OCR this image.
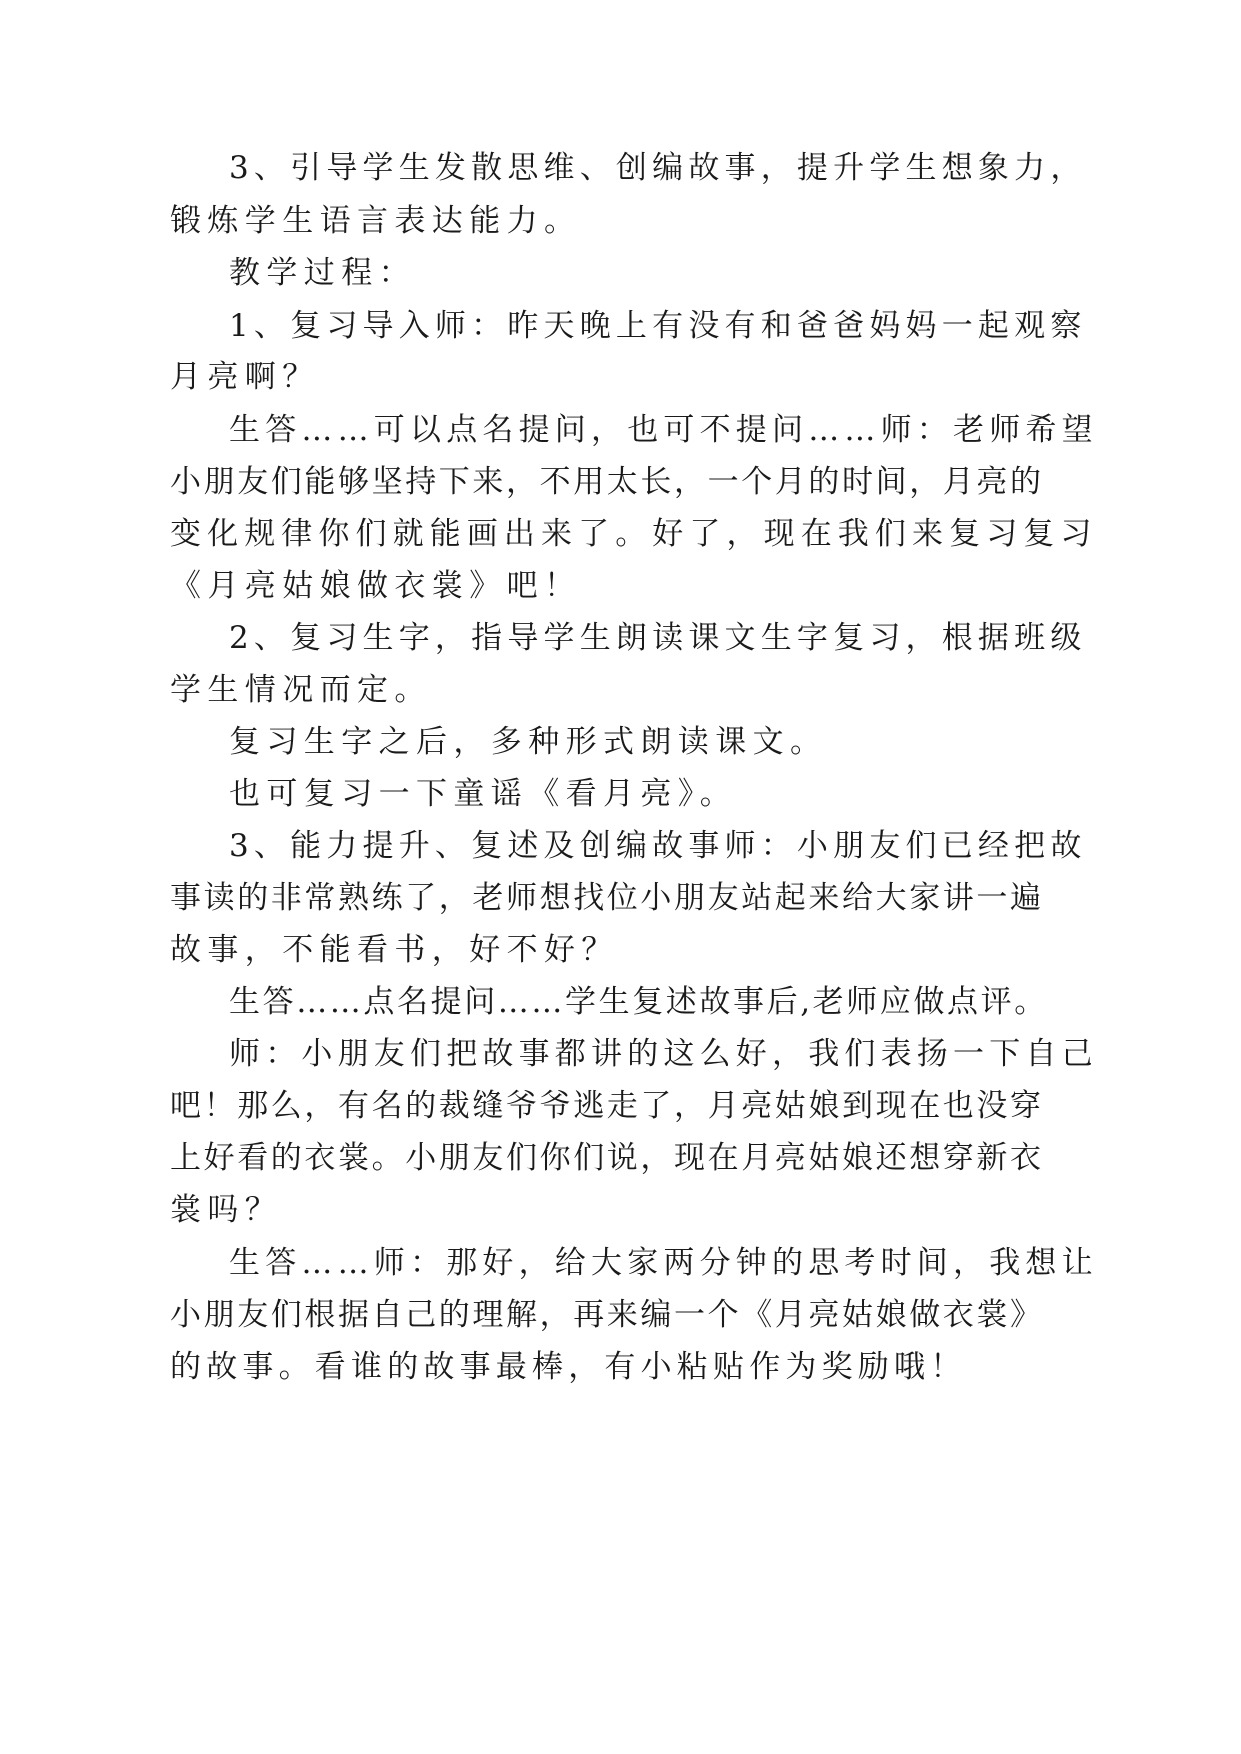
3、引导学生发散思维、创编故事，提升学生想象力，
锻炼学生语言表达能力。
教学过程：
1、复习导入师：昨天晚上有没有和爸爸妈妈一起观察
月亮啊？
生答……可以点名提问，也可不提问……师：老师希望
小朋友们能够坚持下来，不用太长，一个月的时间，月亮的
变化规律你们就能画出来了。好了，现在我们来复习复习
《月亮姑娘做衣裳》吧！
2、复习生字，指导学生朗读课文生字复习，根据班级
学生情况而定。
复习生字之后，多种形式朗读课文。
也可复习一下童谣《看月亮》。
3、能力提升、复述及创编故事师：小朋友们已经把故
事读的非常熟练了，老师想找位小朋友站起来给大家讲一遍
故事，不能看书，好不好？
生答……点名提问……学生复述故事后,老师应做点评。
师：小朋友们把故事都讲的这么好，我们表扬一下自己
吧！那么，有名的裁缝爷爷逃走了，月亮姑娘到现在也没穿
上好看的衣裳。小朋友们你们说，现在月亮姑娘还想穿新衣
裳吗？
生答……师：那好，给大家两分钟的思考时间，我想让
小朋友们根据自己的理解，再来编一个《月亮姑娘做衣裳》
的故事。看谁的故事最棒，有小粘贴作为奖励哦！
